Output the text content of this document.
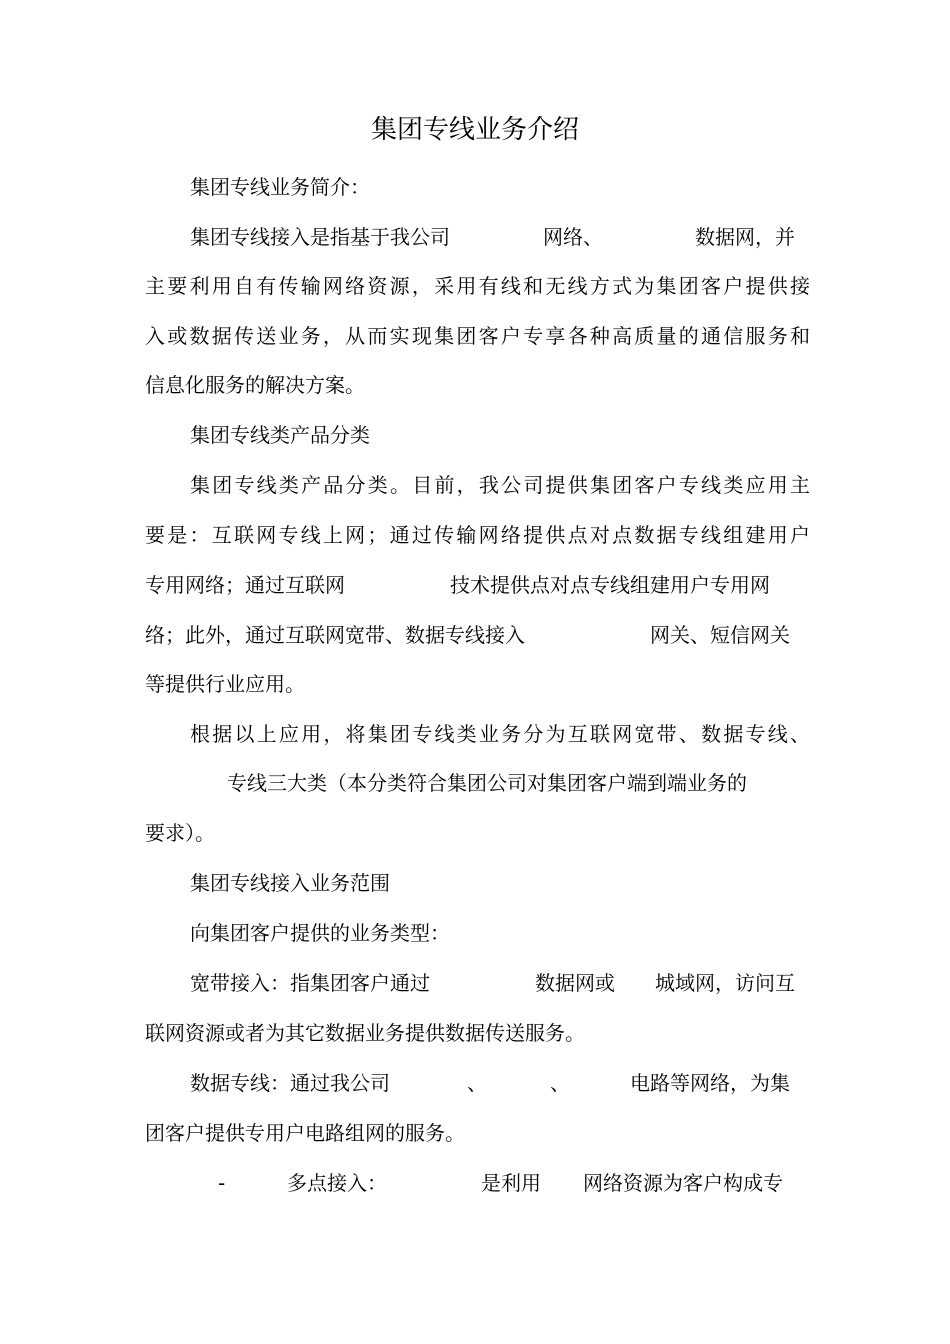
集团专线业务介绍
集团专线业务简介：
集团专线接入是指基于我公司	网络、	数据网，并
主要利用自有传输网络资源，采用有线和无线方式为集团客户提供接
入或数据传送业务，从而实现集团客户专享各种高质量的通信服务和
信息化服务的解决方案。
集团专线类产品分类
集团专线类产品分类。目前，我公司提供集团客户专线类应用主
要是：互联网专线上网；通过传输网络提供点对点数据专线组建用户
专用网络；通过互联网	技术提供点对点专线组建用户专用网
络；此外，通过互联网宽带、数据专线接入	网关、短信网关
等提供行业应用。
根据以上应用，将集团专线类业务分为互联网宽带、数据专线、
专线三大类（本分类符合集团公司对集团客户端到端业务的
要求）。
集团专线接入业务范围
向集团客户提供的业务类型：
宽带接入：指集团客户通过	数据网或 城域网，访问互
联网资源或者为其它数据业务提供数据传送服务。
数据专线：通过我公司	、	、	电路等网络，为集
团客户提供专用户电路组网的服务。
-	多点接入：	是利用 网络资源为客户构成专
